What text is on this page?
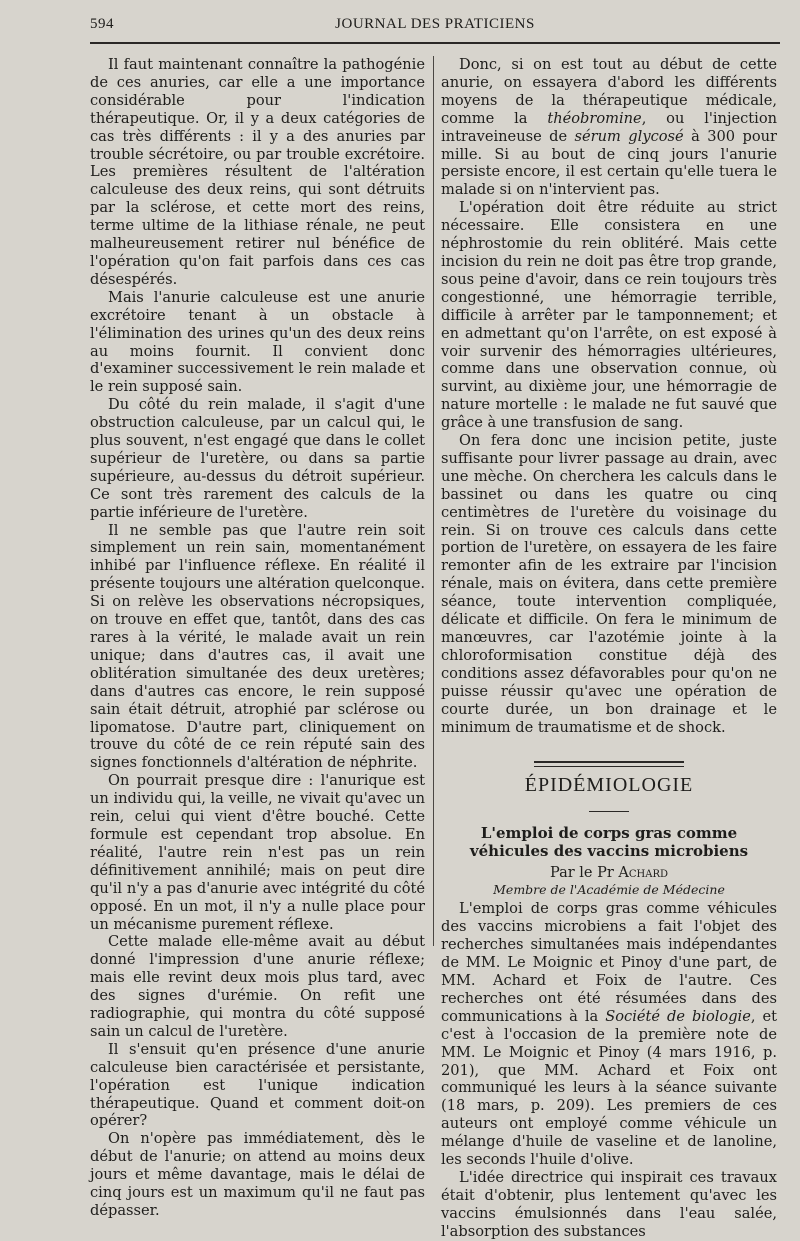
594	JOURNAL DES PRATICIENS

Il faut maintenant connaître la pathogénie de ces anuries, car elle a une importance considérable pour l'indication thérapeutique. Or, il y a deux catégories de cas très différents : il y a des anuries par trouble sécrétoire, ou par trouble excrétoire. Les premières résultent de l'altération calculeuse des deux reins, qui sont détruits par la sclérose, et cette mort des reins, terme ultime de la lithiase rénale, ne peut malheureusement retirer nul bénéfice de l'opération qu'on fait parfois dans ces cas désespérés.

Mais l'anurie calculeuse est une anurie excrétoire tenant à un obstacle à l'élimination des urines qu'un des deux reins au moins fournit. Il convient donc d'examiner successivement le rein malade et le rein supposé sain.

Du côté du rein malade, il s'agit d'une obstruction calculeuse, par un calcul qui, le plus souvent, n'est engagé que dans le collet supérieur de l'uretère, ou dans sa partie supérieure, au-dessus du détroit supérieur. Ce sont très rarement des calculs de la partie inférieure de l'uretère.

Il ne semble pas que l'autre rein soit simplement un rein sain, momentanément inhibé par l'influence réflexe. En réalité il présente toujours une altération quelconque. Si on relève les observations nécropsiques, on trouve en effet que, tantôt, dans des cas rares à la vérité, le malade avait un rein unique; dans d'autres cas, il avait une oblitération simultanée des deux uretères; dans d'autres cas encore, le rein supposé sain était détruit, atrophié par sclérose ou lipomatose. D'autre part, cliniquement on trouve du côté de ce rein réputé sain des signes fonctionnels d'altération de néphrite.

On pourrait presque dire : l'anurique est un individu qui, la veille, ne vivait qu'avec un rein, celui qui vient d'être bouché. Cette formule est cependant trop absolue. En réalité, l'autre rein n'est pas un rein définitivement annihilé; mais on peut dire qu'il n'y a pas d'anurie avec intégrité du côté opposé. En un mot, il n'y a nulle place pour un mécanisme purement réflexe.

Cette malade elle-même avait au début donné l'impression d'une anurie réflexe; mais elle revint deux mois plus tard, avec des signes d'urémie. On refit une radiographie, qui montra du côté supposé sain un calcul de l'uretère.

Il s'ensuit qu'en présence d'une anurie calculeuse bien caractérisée et persistante, l'opération est l'unique indication thérapeutique. Quand et comment doit-on opérer?

On n'opère pas immédiatement, dès le début de l'anurie; on attend au moins deux jours et même davantage, mais le délai de cinq jours est un maximum qu'il ne faut pas dépasser.

Donc, si on est tout au début de cette anurie, on essayera d'abord les différents moyens de la thérapeutique médicale, comme la théobromine, ou l'injection intraveineuse de sérum glycosé à 300 pour mille. Si au bout de cinq jours l'anurie persiste encore, il est certain qu'elle tuera le malade si on n'intervient pas.

L'opération doit être réduite au strict nécessaire. Elle consistera en une néphrostomie du rein oblitéré. Mais cette incision du rein ne doit pas être trop grande, sous peine d'avoir, dans ce rein toujours très congestionné, une hémorragie terrible, difficile à arrêter par le tamponnement; et en admettant qu'on l'arrête, on est exposé à voir survenir des hémorragies ultérieures, comme dans une observation connue, où survint, au dixième jour, une hémorragie de nature mortelle : le malade ne fut sauvé que grâce à une transfusion de sang.

On fera donc une incision petite, juste suffisante pour livrer passage au drain, avec une mèche. On cherchera les calculs dans le bassinet ou dans les quatre ou cinq centimètres de l'uretère du voisinage du rein. Si on trouve ces calculs dans cette portion de l'uretère, on essayera de les faire remonter afin de les extraire par l'incision rénale, mais on évitera, dans cette première séance, toute intervention compliquée, délicate et difficile. On fera le minimum de manœuvres, car l'azotémie jointe à la chloroformisation constitue déjà des conditions assez défavorables pour qu'on ne puisse réussir qu'avec une opération de courte durée, un bon drainage et le minimum de traumatisme et de shock.

ÉPIDÉMIOLOGIE
L'emploi de corps gras comme véhicules des vaccins microbiens
Par le Pr Achard
Membre de l'Académie de Médecine

L'emploi de corps gras comme véhicules des vaccins microbiens a fait l'objet des recherches simultanées mais indépendantes de MM. Le Moignic et Pinoy d'une part, de MM. Achard et Foix de l'autre. Ces recherches ont été résumées dans des communications à la Société de biologie, et c'est à l'occasion de la première note de MM. Le Moignic et Pinoy (4 mars 1916, p. 201), que MM. Achard et Foix ont communiqué les leurs à la séance suivante (18 mars, p. 209). Les premiers de ces auteurs ont employé comme véhicule un mélange d'huile de vaseline et de lanoline, les seconds l'huile d'olive.

L'idée directrice qui inspirait ces travaux était d'obtenir, plus lentement qu'avec les vaccins émulsionnés dans l'eau salée, l'absorption des substances
